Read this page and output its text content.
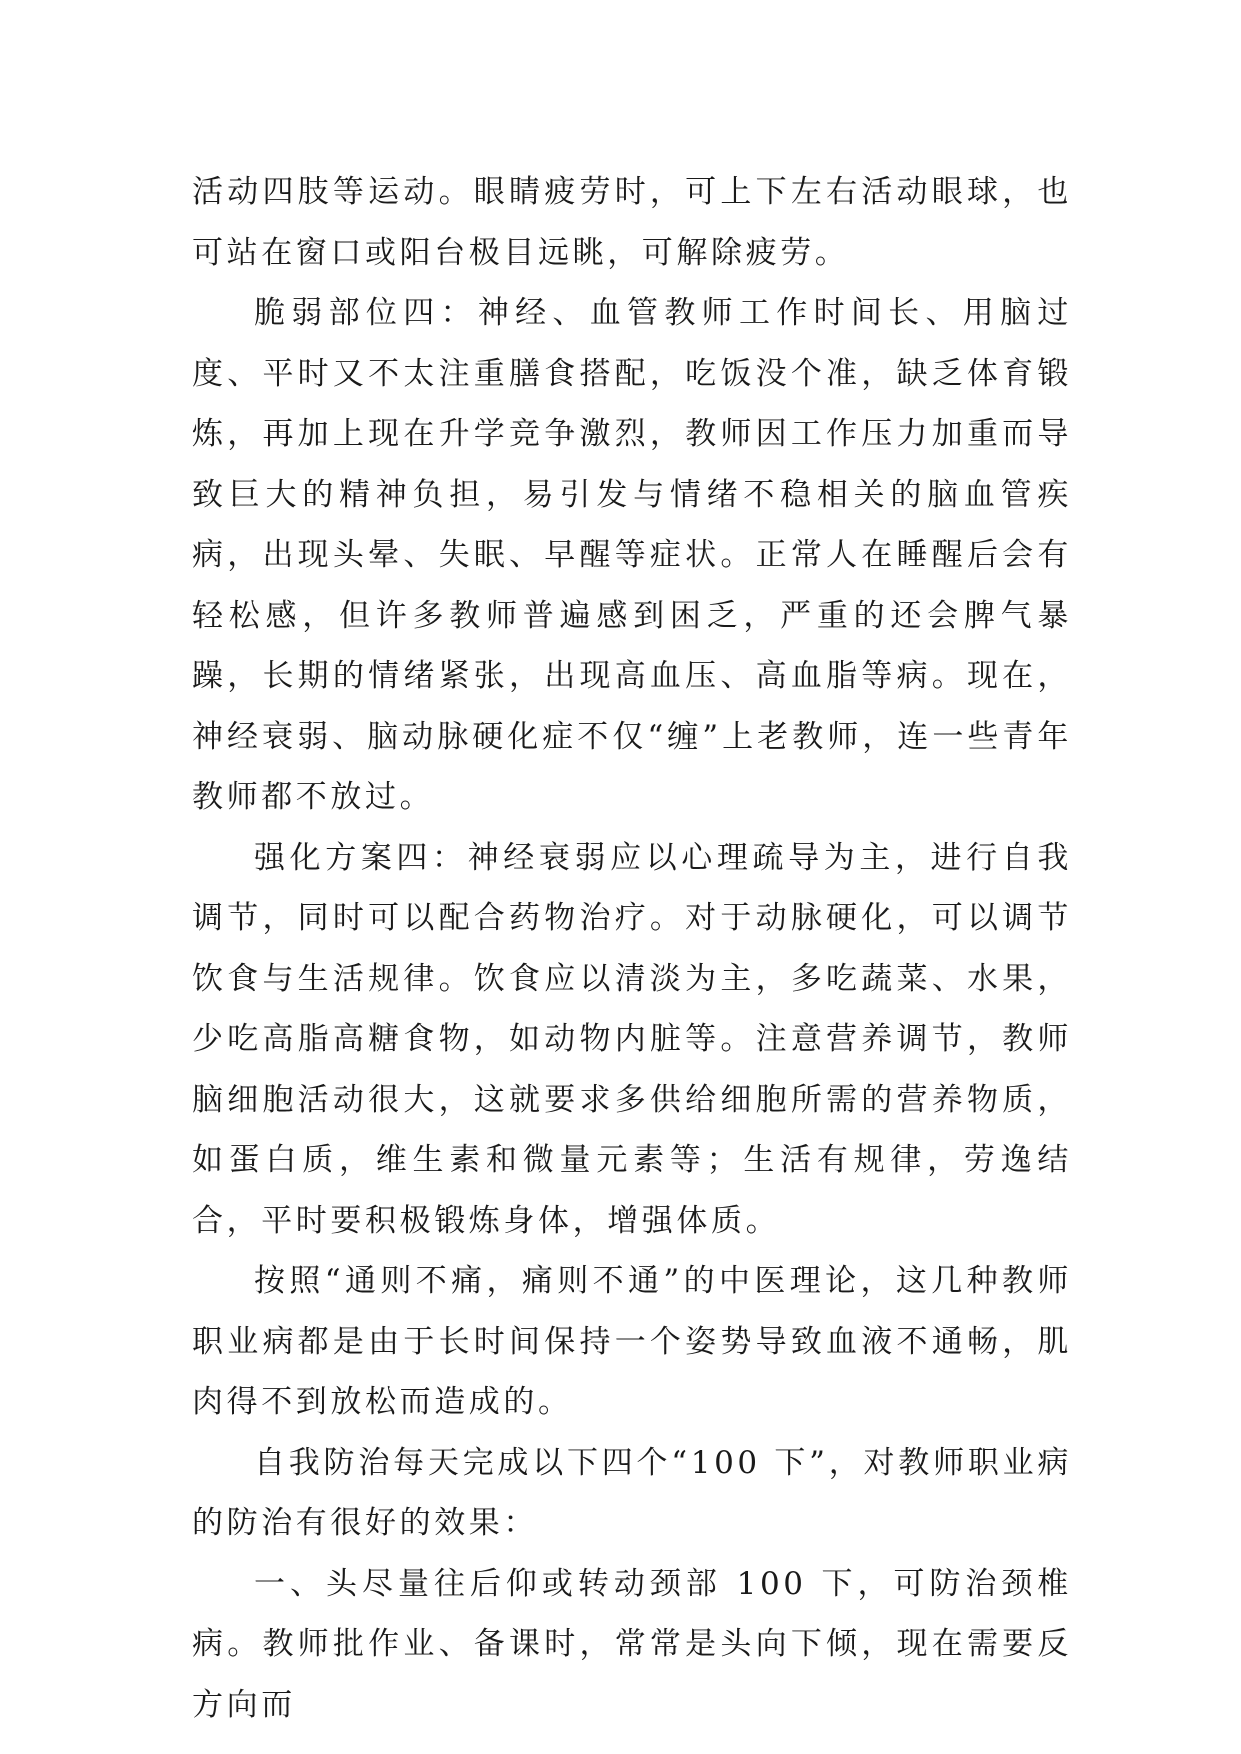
活动四肢等运动。眼睛疲劳时，可上下左右活动眼球，也可站在窗口或阳台极目远眺，可解除疲劳。

脆弱部位四：神经、血管教师工作时间长、用脑过度、平时又不太注重膳食搭配，吃饭没个准，缺乏体育锻炼，再加上现在升学竞争激烈，教师因工作压力加重而导致巨大的精神负担，易引发与情绪不稳相关的脑血管疾病，出现头晕、失眠、早醒等症状。正常人在睡醒后会有轻松感，但许多教师普遍感到困乏，严重的还会脾气暴躁，长期的情绪紧张，出现高血压、高血脂等病。现在，神经衰弱、脑动脉硬化症不仅“缠”上老教师，连一些青年教师都不放过。

强化方案四：神经衰弱应以心理疏导为主，进行自我调节，同时可以配合药物治疗。对于动脉硬化，可以调节饮食与生活规律。饮食应以清淡为主，多吃蔬菜、水果，少吃高脂高糖食物，如动物内脏等。注意营养调节，教师脑细胞活动很大，这就要求多供给细胞所需的营养物质，如蛋白质，维生素和微量元素等；生活有规律，劳逸结合，平时要积极锻炼身体，增强体质。

按照“通则不痛，痛则不通”的中医理论，这几种教师职业病都是由于长时间保持一个姿势导致血液不通畅，肌肉得不到放松而造成的。

自我防治每天完成以下四个“100 下”，对教师职业病的防治有很好的效果：

一、头尽量往后仰或转动颈部 100 下，可防治颈椎病。教师批作业、备课时，常常是头向下倾，现在需要反方向而
